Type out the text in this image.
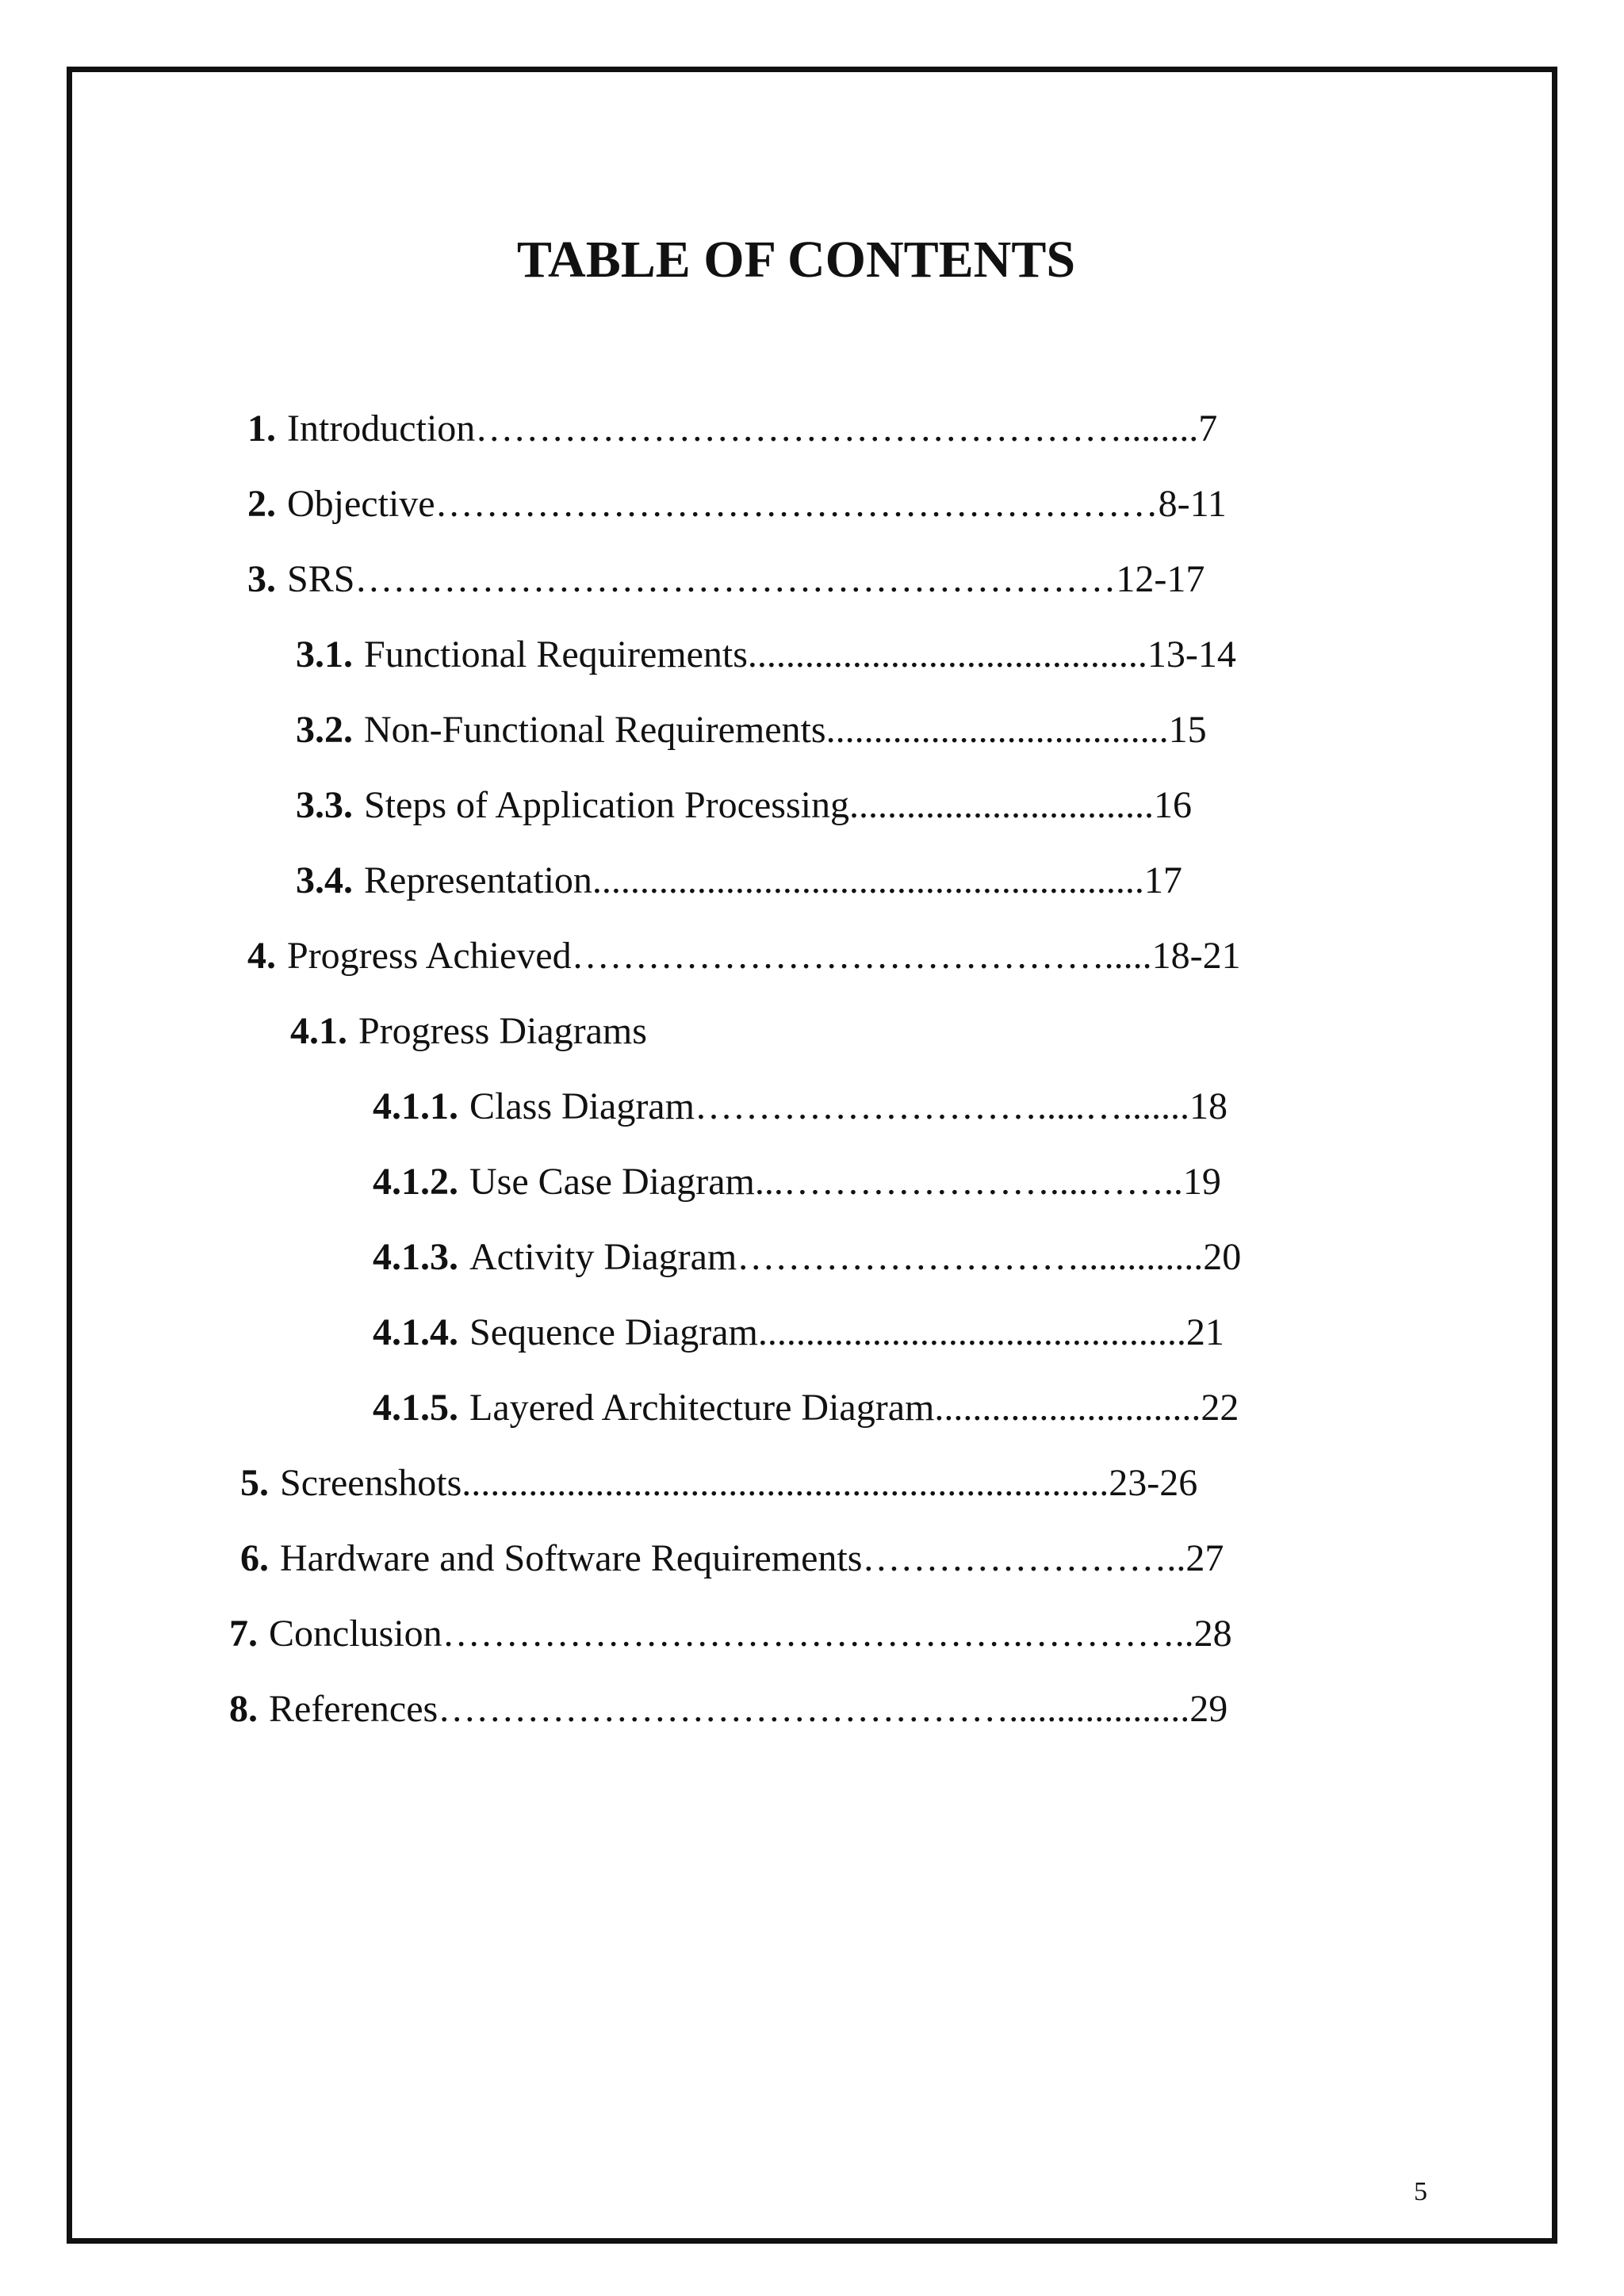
TABLE OF CONTENTS
1. Introduction……………………………………………........7
2. Objective…………………………………………………8-11
3. SRS……………………………………………………12-17
3.1. Functional Requirements..........................................13-14
3.2. Non-Functional Requirements....................................15
3.3. Steps of Application Processing................................16
3.4. Representation..........................................................17
4. Progress Achieved…………………………………….....18-21
4.1. Progress Diagrams
4.1.1. Class Diagram……………………….....….......18
4.1.2. Use Case Diagram...…………………....……..19
4.1.3. Activity Diagram……………………….............20
4.1.4. Sequence Diagram.............................................21
4.1.5. Layered Architecture Diagram............................22
5. Screenshots....................................................................23-26
6. Hardware and Software Requirements……………………..27
7. Conclusion……………………………………….…………..28
8. References………………………………………...................29
5
